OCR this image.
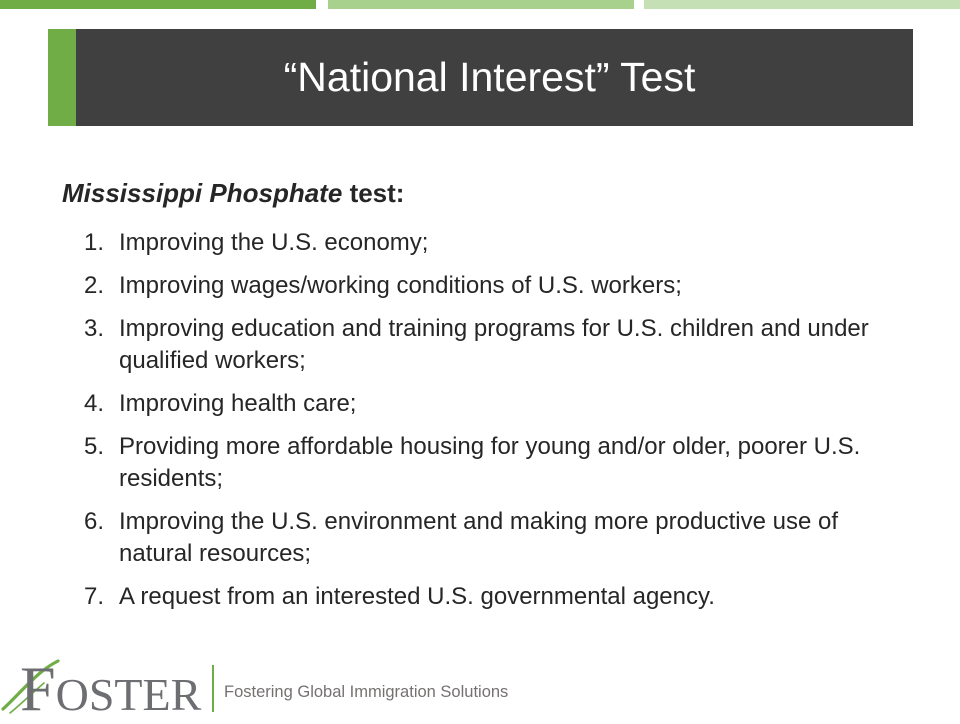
“National Interest” Test
Mississippi Phosphate test:
1. Improving the U.S. economy;
2. Improving wages/working conditions of U.S. workers;
3. Improving education and training programs for U.S. children and under qualified workers;
4. Improving health care;
5. Providing more affordable housing for young and/or older, poorer U.S. residents;
6. Improving the U.S. environment and making more productive use of natural resources;
7. A request from an interested U.S. governmental agency.
FOSTER Fostering Global Immigration Solutions
